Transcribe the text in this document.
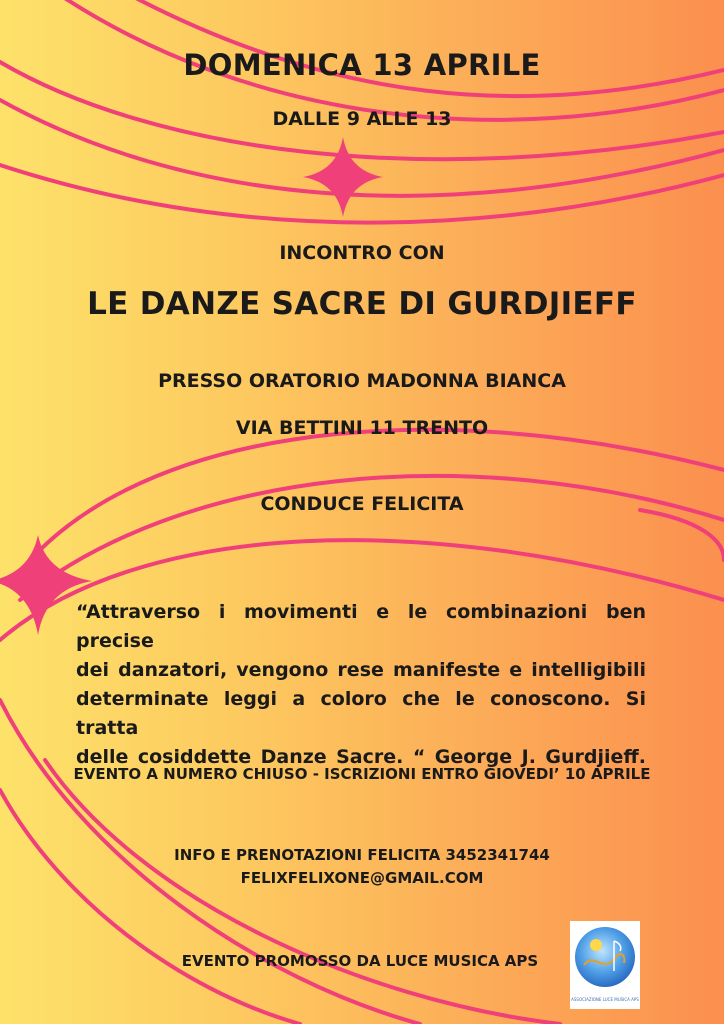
DOMENICA 13 APRILE
DALLE 9 ALLE 13
INCONTRO CON
LE DANZE SACRE DI GURDJIEFF
PRESSO ORATORIO MADONNA BIANCA
VIA BETTINI 11 TRENTO
CONDUCE FELICITA
“Attraverso i movimenti e le combinazioni ben precise
dei danzatori, vengono rese manifeste e intelligibili
determinate leggi a coloro che le conoscono. Si tratta
delle cosiddette Danze Sacre. “ George J. Gurdjieff.
EVENTO A NUMERO CHIUSO - ISCRIZIONI ENTRO GIOVEDI’ 10 APRILE
INFO E PRENOTAZIONI FELICITA 3452341744
FELIXFELIXONE@GMAIL.COM
EVENTO PROMOSSO DA LUCE MUSICA APS
ASSOCIAZIONE LUCE MUSICA APS
